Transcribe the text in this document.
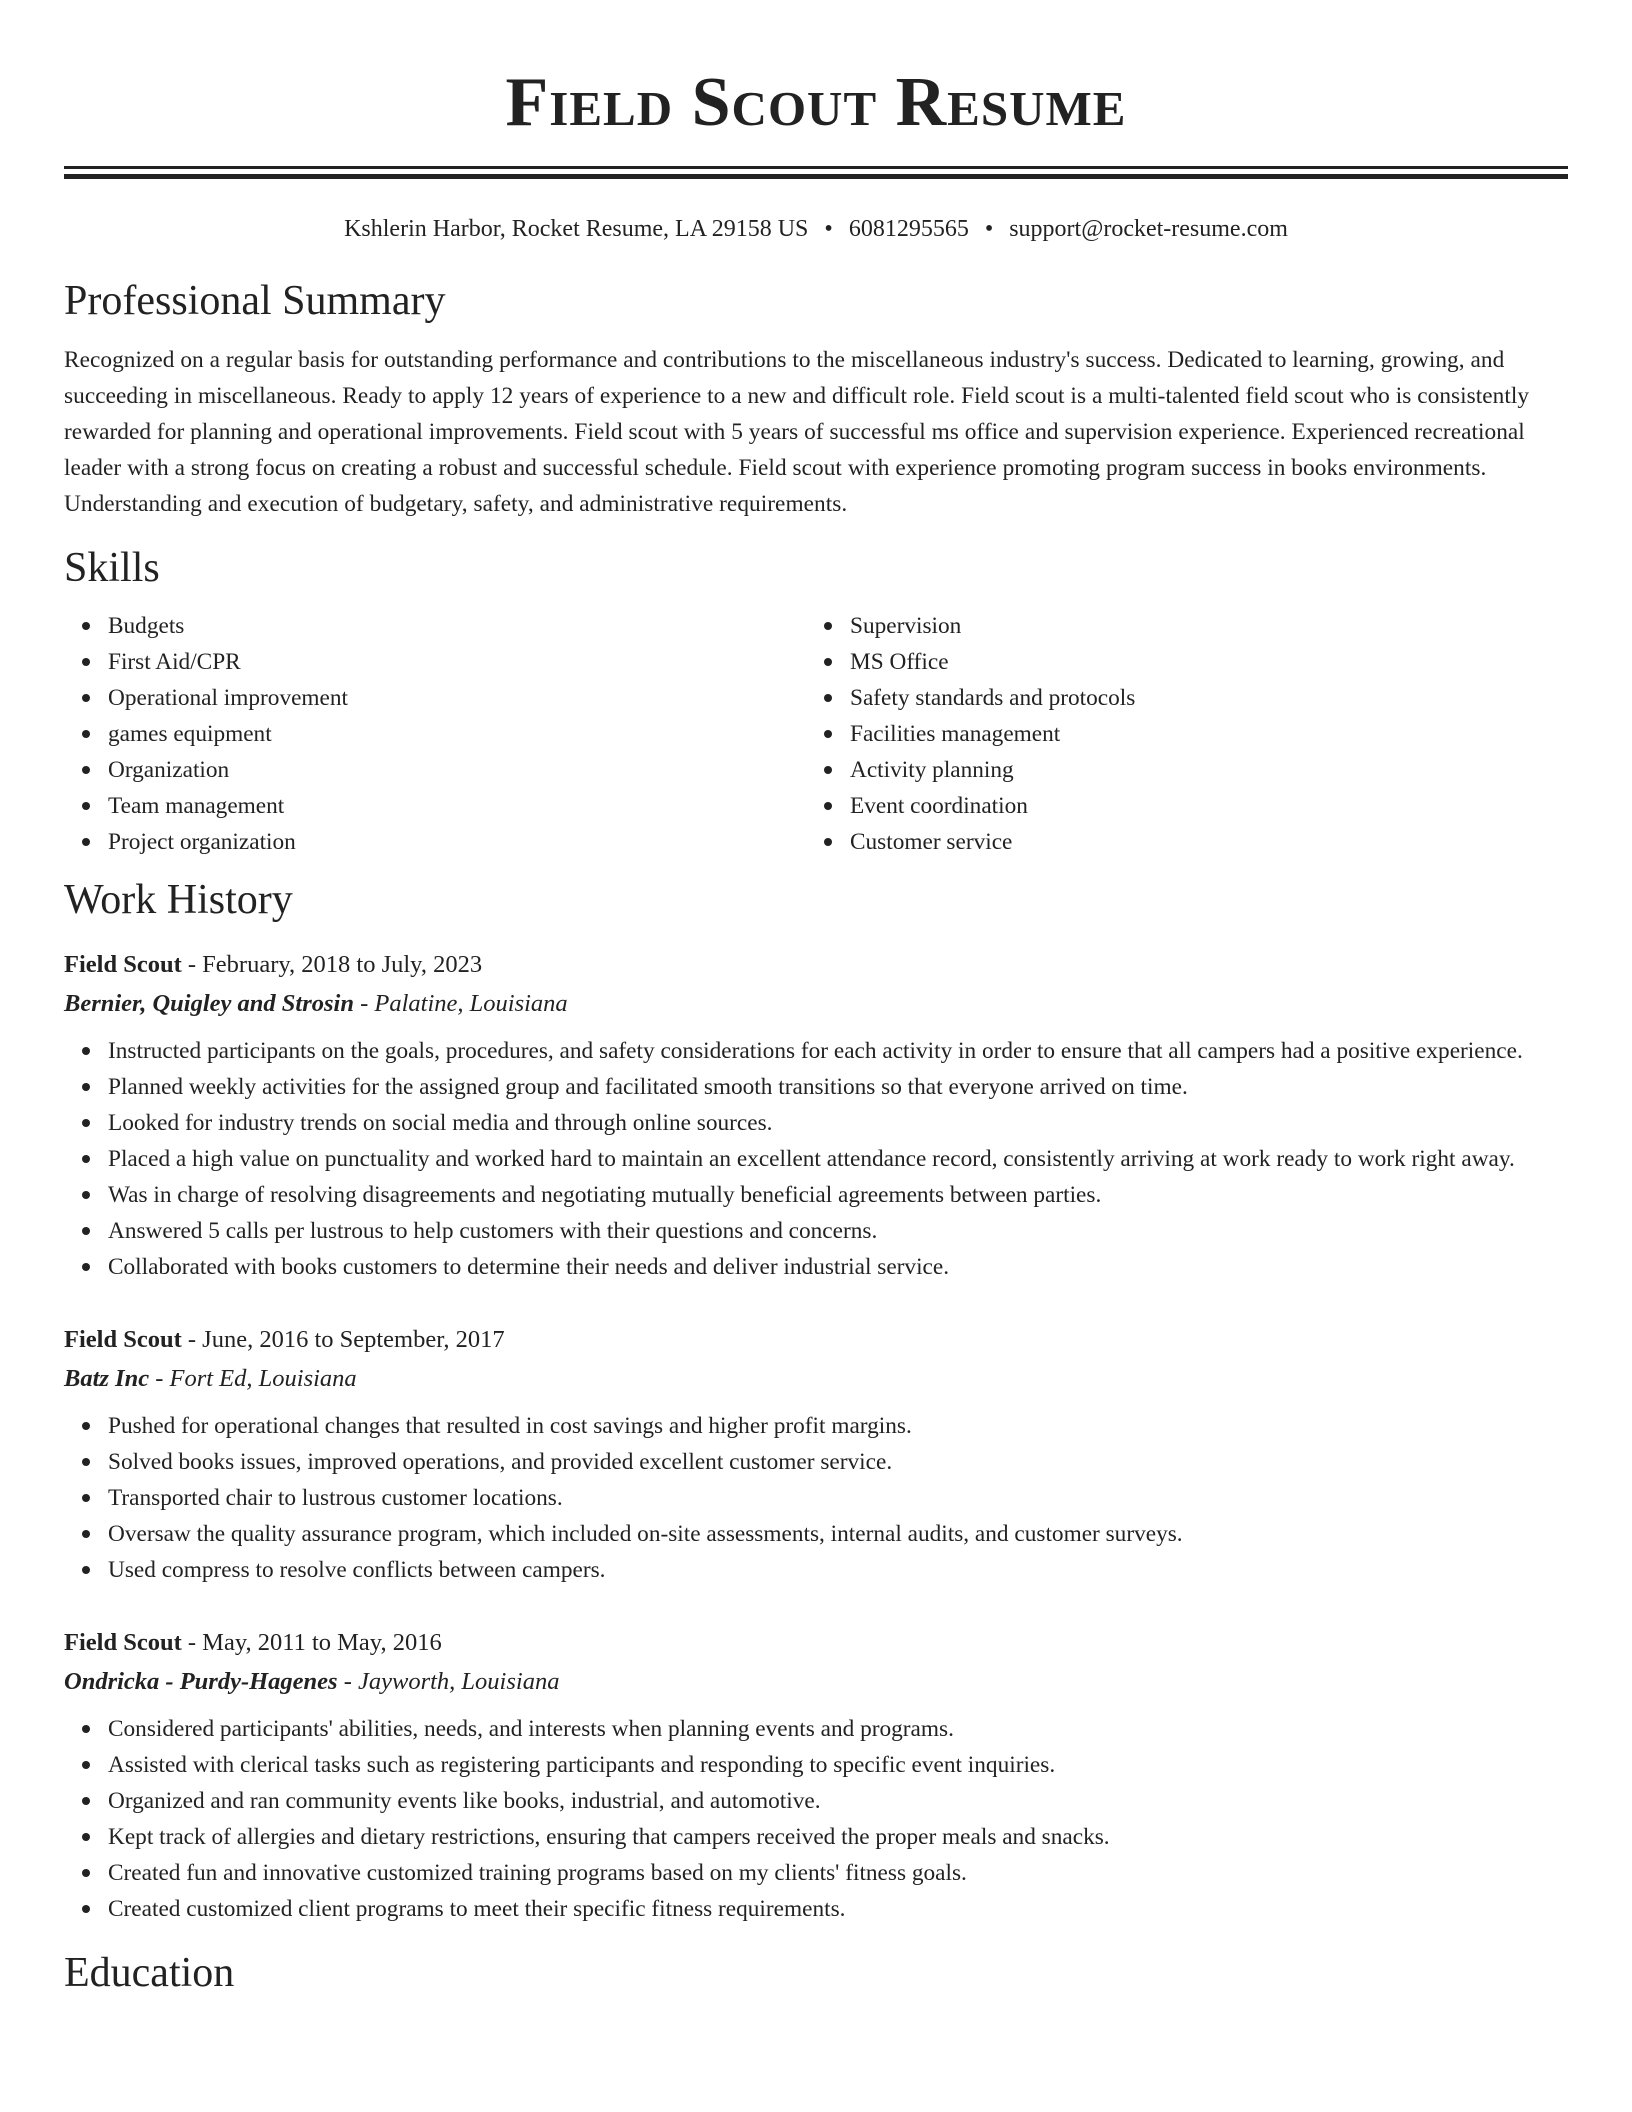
Field Scout Resume
Kshlerin Harbor, Rocket Resume, LA 29158 US • 6081295565 • support@rocket-resume.com
Professional Summary

Recognized on a regular basis for outstanding performance and contributions to the miscellaneous industry's success. Dedicated to learning, growing, and succeeding in miscellaneous. Ready to apply 12 years of experience to a new and difficult role. Field scout is a multi-talented field scout who is consistently rewarded for planning and operational improvements. Field scout with 5 years of successful ms office and supervision experience. Experienced recreational leader with a strong focus on creating a robust and successful schedule. Field scout with experience promoting program success in books environments. Understanding and execution of budgetary, safety, and administrative requirements.

Skills
Budgets
First Aid/CPR
Operational improvement
games equipment
Organization
Team management
Project organization
Supervision
MS Office
Safety standards and protocols
Facilities management
Activity planning
Event coordination
Customer service
Work History
Field Scout - February, 2018 to July, 2023
Bernier, Quigley and Strosin - Palatine, Louisiana
Instructed participants on the goals, procedures, and safety considerations for each activity in order to ensure that all campers had a positive experience.
Planned weekly activities for the assigned group and facilitated smooth transitions so that everyone arrived on time.
Looked for industry trends on social media and through online sources.
Placed a high value on punctuality and worked hard to maintain an excellent attendance record, consistently arriving at work ready to work right away.
Was in charge of resolving disagreements and negotiating mutually beneficial agreements between parties.
Answered 5 calls per lustrous to help customers with their questions and concerns.
Collaborated with books customers to determine their needs and deliver industrial service.
Field Scout - June, 2016 to September, 2017
Batz Inc - Fort Ed, Louisiana
Pushed for operational changes that resulted in cost savings and higher profit margins.
Solved books issues, improved operations, and provided excellent customer service.
Transported chair to lustrous customer locations.
Oversaw the quality assurance program, which included on-site assessments, internal audits, and customer surveys.
Used compress to resolve conflicts between campers.
Field Scout - May, 2011 to May, 2016
Ondricka - Purdy-Hagenes - Jayworth, Louisiana
Considered participants' abilities, needs, and interests when planning events and programs.
Assisted with clerical tasks such as registering participants and responding to specific event inquiries.
Organized and ran community events like books, industrial, and automotive.
Kept track of allergies and dietary restrictions, ensuring that campers received the proper meals and snacks.
Created fun and innovative customized training programs based on my clients' fitness goals.
Created customized client programs to meet their specific fitness requirements.
Education
